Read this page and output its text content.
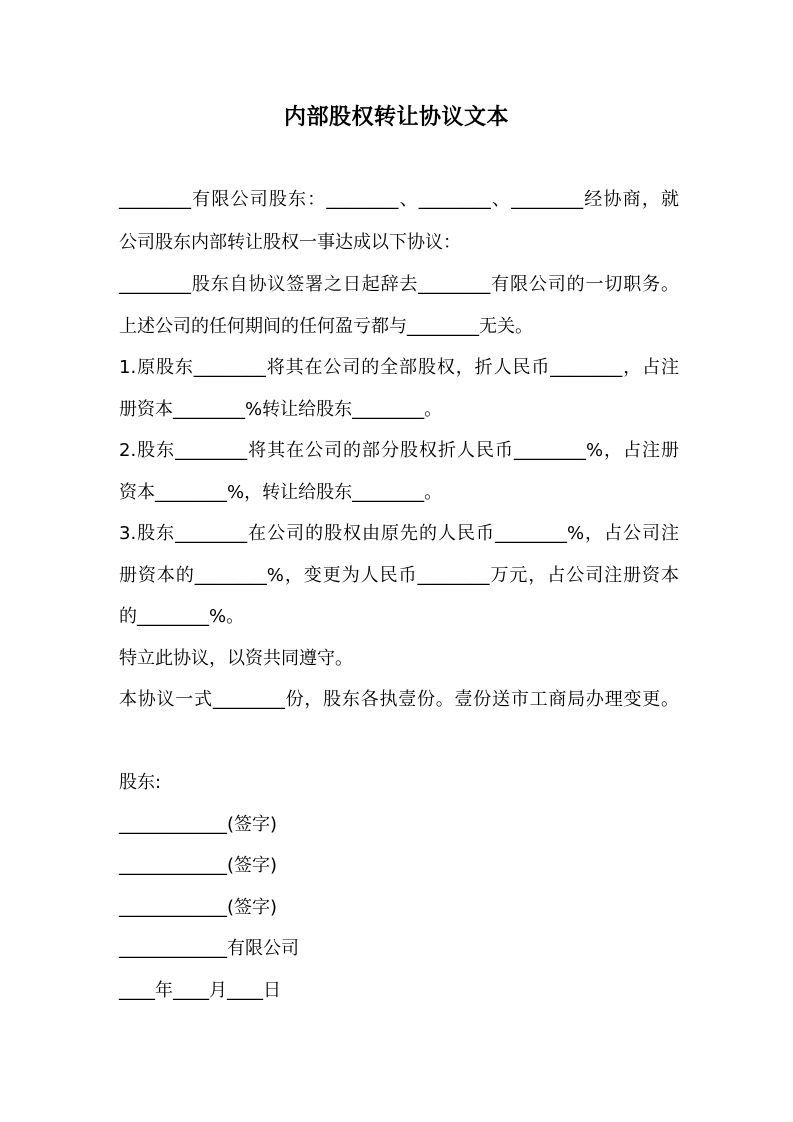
内部股权转让协议文本
________有限公司股东：________、________、________经协商，就
公司股东内部转让股权一事达成以下协议：
________股东自协议签署之日起辞去________有限公司的一切职务。
上述公司的任何期间的任何盈亏都与________无关。
1.原股东________将其在公司的全部股权，折人民币________，占注
册资本________%转让给股东________。
2.股东________将其在公司的部分股权折人民币________%，占注册
资本________%，转让给股东________。
3.股东________在公司的股权由原先的人民币________%，占公司注
册资本的________%，变更为人民币________万元，占公司注册资本
的________%。
特立此协议，以资共同遵守。
本协议一式________份，股东各执壹份。壹份送市工商局办理变更。
股东:
____________(签字)
____________(签字)
____________(签字)
____________有限公司
____年____月____日
